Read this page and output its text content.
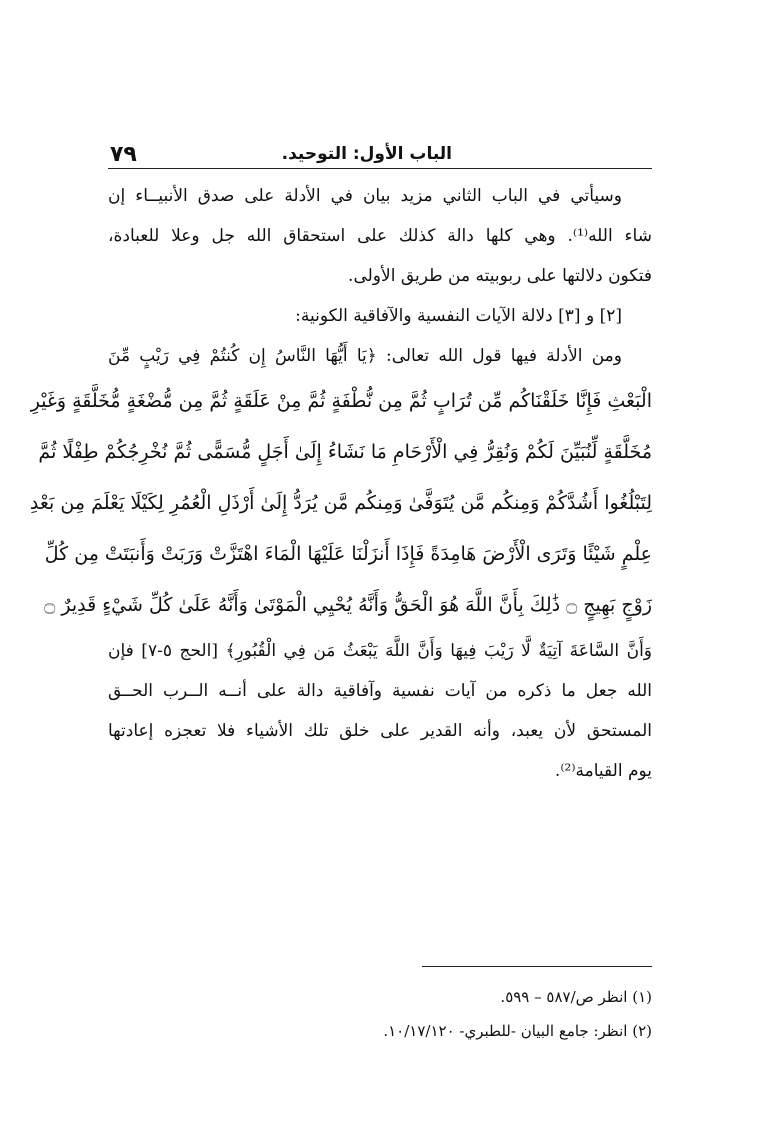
٧٩	الباب الأول: التوحيد.
وسيأتي في الباب الثاني مزيد بيان في الأدلة على صدق الأنبيــاء إن
شاء الله⁽¹⁾. وهي كلها دالة كذلك على استحقاق الله جل وعلا للعبادة،
فتكون دلالتها على ربوبيته من طريق الأولى.
[٢] و [٣] دلالة الآيات النفسية والآفاقية الكونية:
ومن الأدلة فيها قول الله تعالى: ﴿يَا أَيُّهَا النَّاسُ إِن كُنتُمْ فِي رَيْبٍ مِّنَ
الْبَعْثِ فَإِنَّا خَلَقْنَاكُم مِّن تُرَابٍ ثُمَّ مِن نُّطْفَةٍ ثُمَّ مِنْ عَلَقَةٍ ثُمَّ مِن مُّضْغَةٍ مُّخَلَّقَةٍ وَغَيْرِ
مُخَلَّقَةٍ لِّنُبَيِّنَ لَكُمْ وَنُقِرُّ فِي الْأَرْحَامِ مَا نَشَاءُ إِلَىٰ أَجَلٍ مُّسَمًّى ثُمَّ نُخْرِجُكُمْ طِفْلًا ثُمَّ
لِتَبْلُغُوا أَشُدَّكُمْ وَمِنكُم مَّن يُتَوَفَّىٰ وَمِنكُم مَّن يُرَدُّ إِلَىٰ أَرْذَلِ الْعُمُرِ لِكَيْلَا يَعْلَمَ مِن بَعْدِ
عِلْمٍ شَيْئًا وَتَرَى الْأَرْضَ هَامِدَةً فَإِذَا أَنزَلْنَا عَلَيْهَا الْمَاءَ اهْتَزَّتْ وَرَبَتْ وَأَنبَتَتْ مِن كُلِّ
زَوْجٍ بَهِيجٍ ۝ ذَٰلِكَ بِأَنَّ اللَّهَ هُوَ الْحَقُّ وَأَنَّهُ يُحْيِي الْمَوْتَىٰ وَأَنَّهُ عَلَىٰ كُلِّ شَيْءٍ قَدِيرٌ ۝
وَأَنَّ السَّاعَةَ آتِيَةٌ لَّا رَيْبَ فِيهَا وَأَنَّ اللَّهَ يَبْعَثُ مَن فِي الْقُبُورِ﴾ [الحج ٥-٧] فإن
الله جعل ما ذكره من آيات نفسية وآفاقية دالة على أنــه الــرب الحــق
المستحق لأن يعبد، وأنه القدير على خلق تلك الأشياء فلا تعجزه إعادتها
يوم القيامة⁽²⁾.
(١) انظر ص/٥٨٧ – ٥٩٩.
(٢) انظر: جامع البيان -للطبري- ١٠/١٧/١٢٠.
